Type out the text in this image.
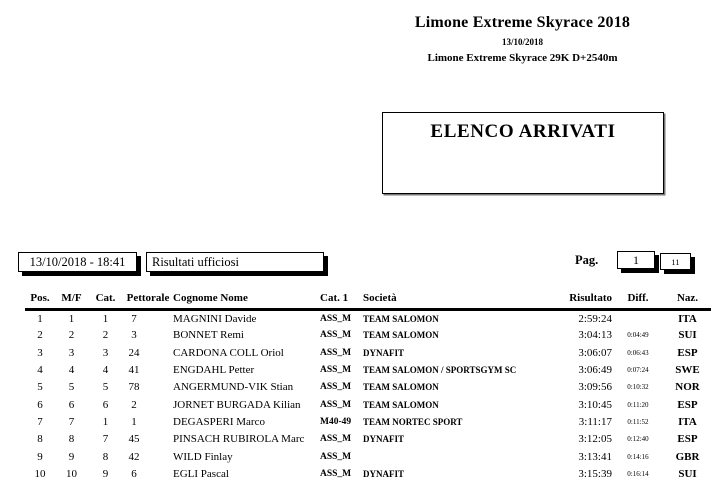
Limone Extreme Skyrace 2018
13/10/2018
Limone Extreme Skyrace 29K D+2540m
ELENCO ARRIVATI
13/10/2018 - 18:41 Risultati ufficiosi	Pag.	1	11
Pos.	M/F	Cat.	Pettorale	Cognome Nome	Cat. 1	Società	Risultato	Diff.	Naz.
1	1	1	7	MAGNINI Davide	ASS_M	TEAM SALOMON	2:59:24		ITA
2	2	2	3	BONNET Remi	ASS_M	TEAM SALOMON	3:04:13	0:04:49	SUI
3	3	3	24	CARDONA COLL Oriol	ASS_M	DYNAFIT	3:06:07	0:06:43	ESP
4	4	4	41	ENGDAHL Petter	ASS_M	TEAM SALOMON / SPORTSGYM SC	3:06:49	0:07:24	SWE
5	5	5	78	ANGERMUND-VIK Stian	ASS_M	TEAM SALOMON	3:09:56	0:10:32	NOR
6	6	6	2	JORNET BURGADA Kilian	ASS_M	TEAM SALOMON	3:10:45	0:11:20	ESP
7	7	1	1	DEGASPERI Marco	M40-49	TEAM NORTEC SPORT	3:11:17	0:11:52	ITA
8	8	7	45	PINSACH RUBIROLA Marc	ASS_M	DYNAFIT	3:12:05	0:12:40	ESP
9	9	8	42	WILD Finlay	ASS_M		3:13:41	0:14:16	GBR
10	10	9	6	EGLI Pascal	ASS_M	DYNAFIT	3:15:39	0:16:14	SUI
